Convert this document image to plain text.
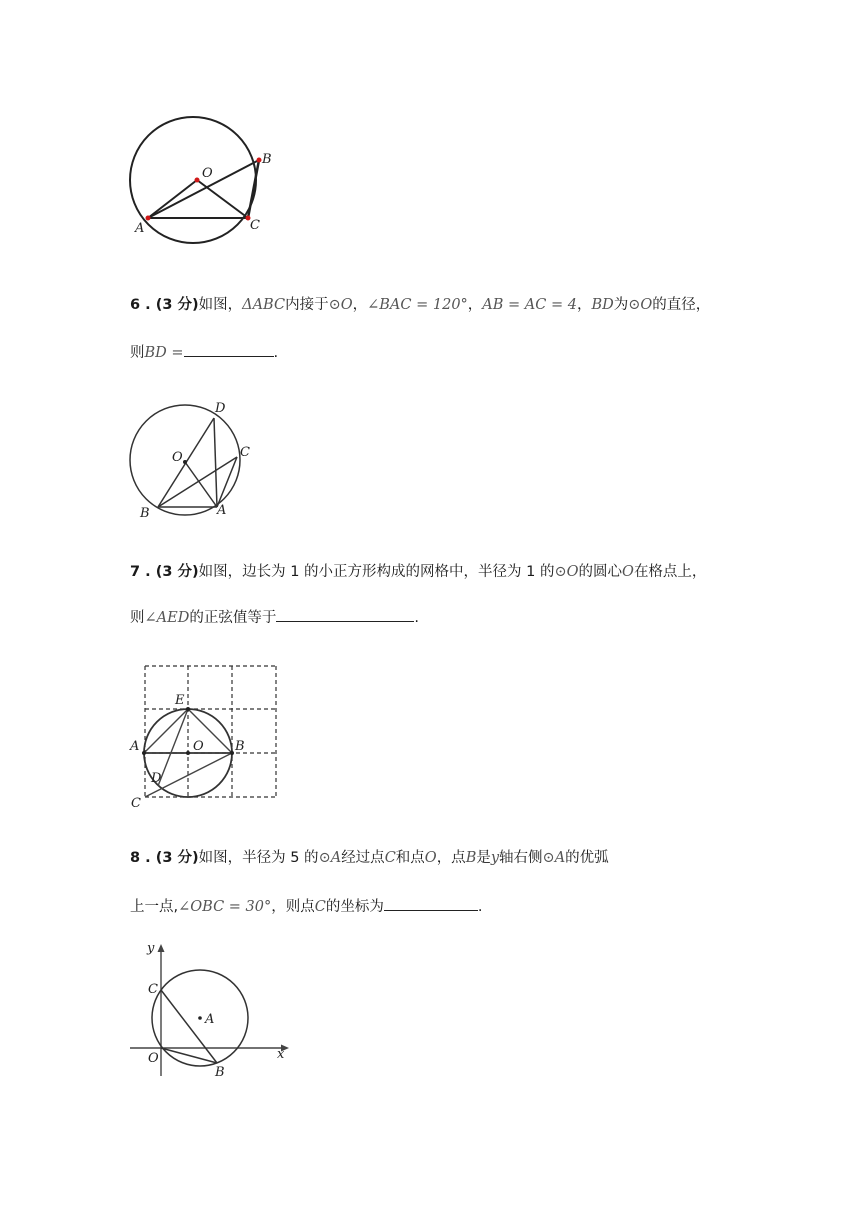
O
A
B
C
6 . (3 分)如图，ΔABC内接于⊙O，∠BAC = 120°，AB = AC = 4，BD为⊙O的直径，
则BD =	.
O
D
C
B	A
7 . (3 分)如图，边长为 1 的小正方形构成的网格中，半径为 1 的⊙O的圆心O在格点上，
则∠AED的正弦值等于	.
E
A	O B
D
C
8 . (3 分)如图，半径为 5 的⊙A经过点C和点O，点B是y轴右侧⊙A的优弧
上一点,∠OBC = 30°，则点C的坐标为	.
y
x
C
A
O
B
